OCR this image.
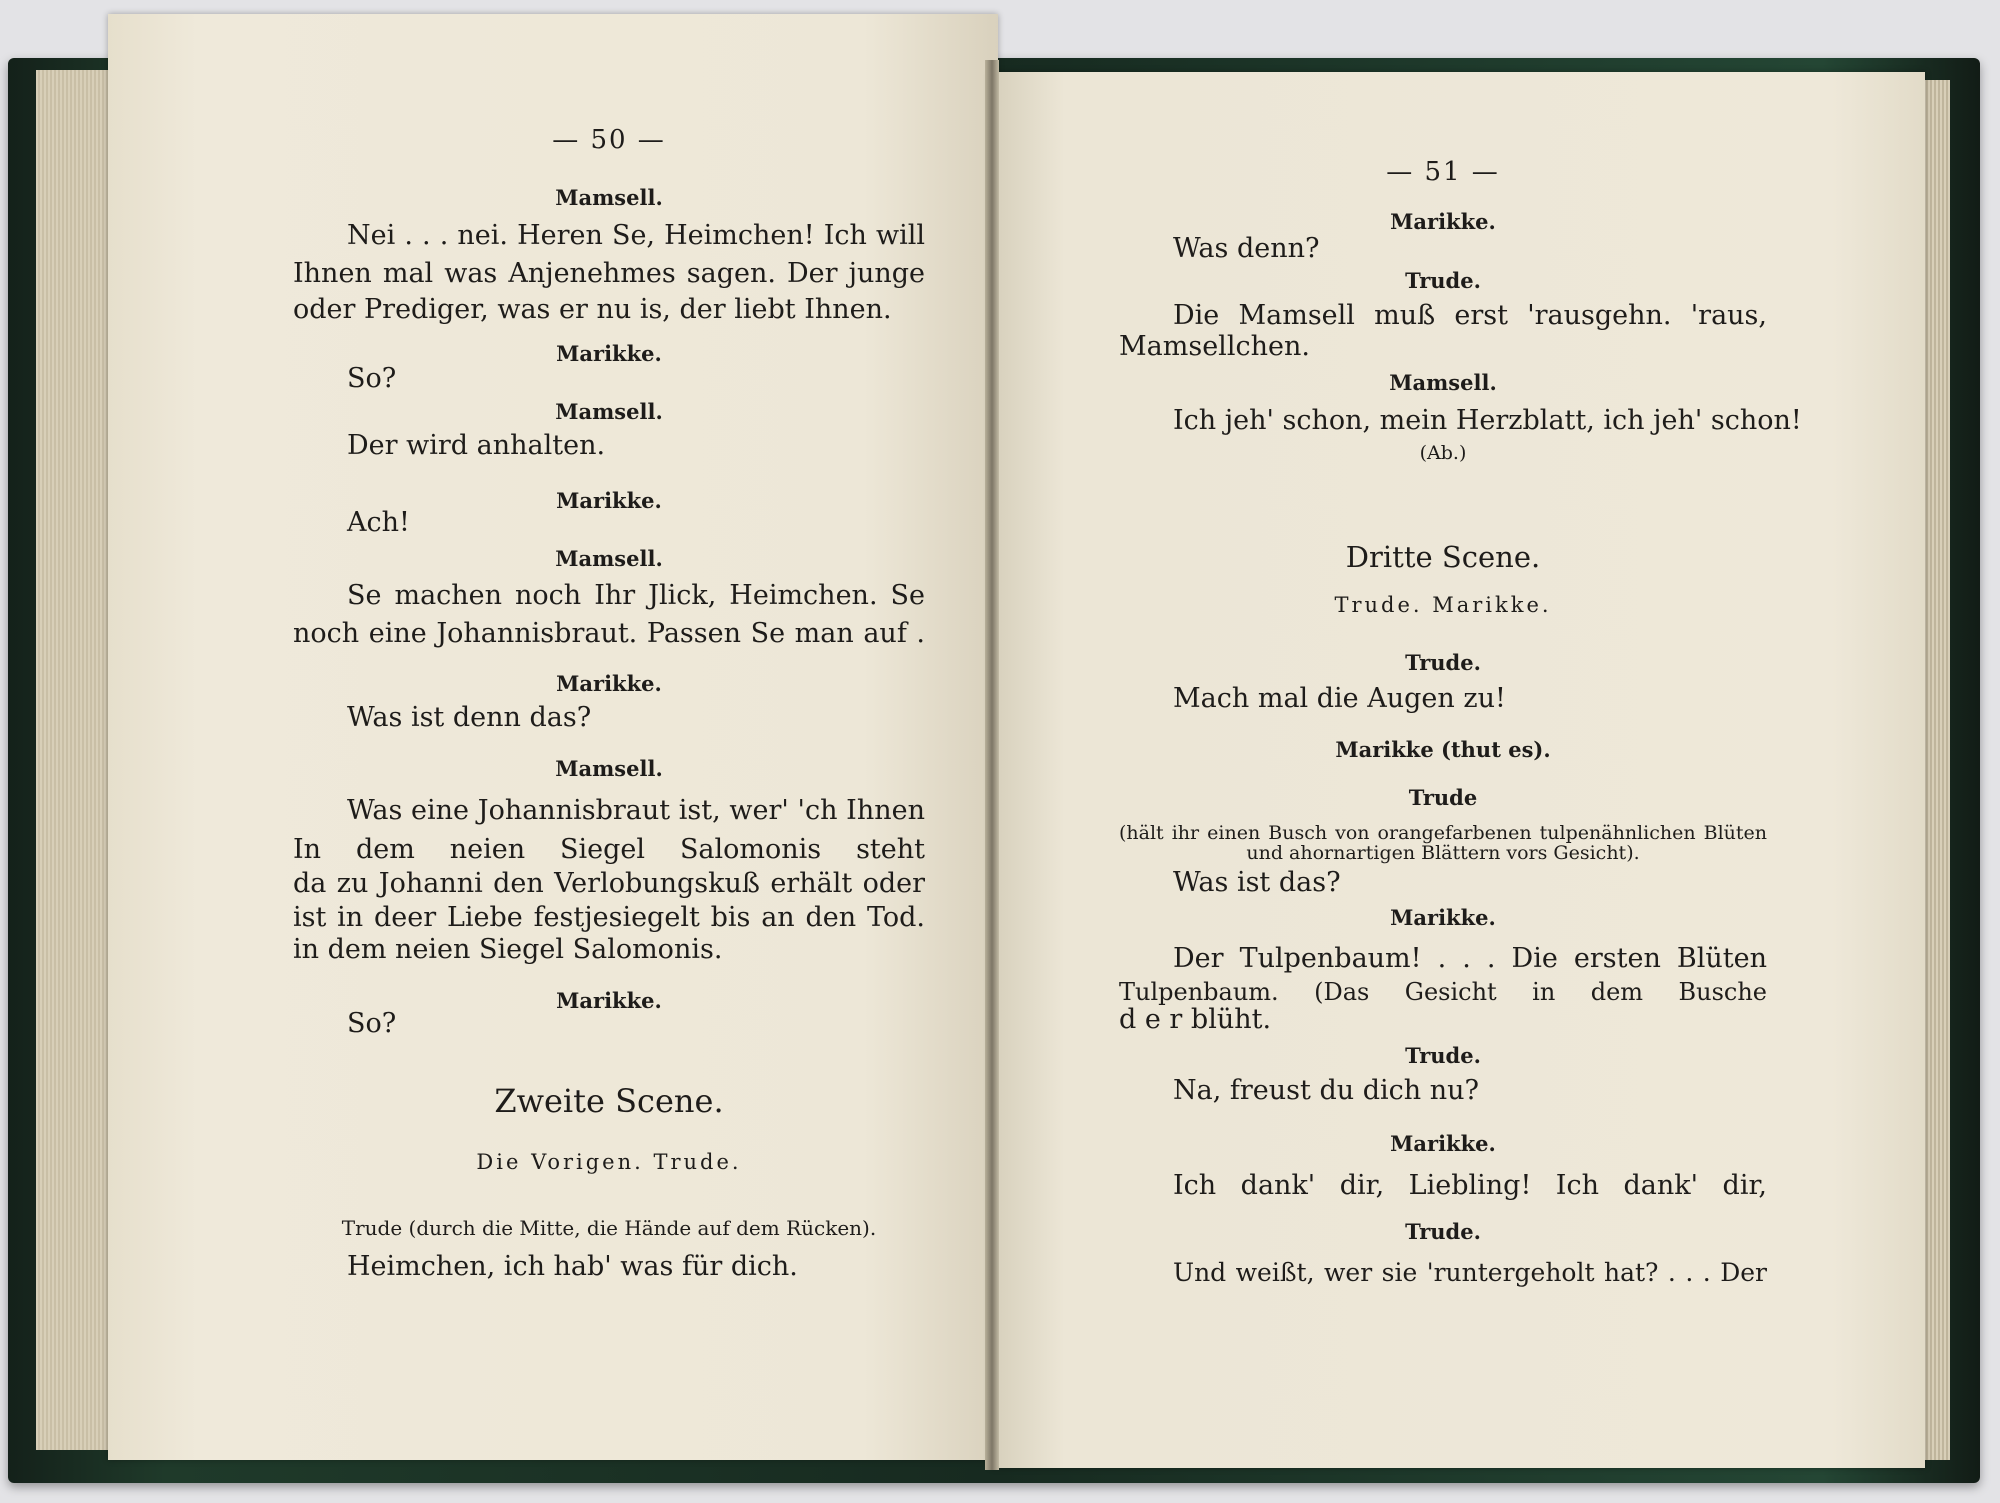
— 50 —
Mamsell.
Nei . . . nei. Heren Se, Heimchen! Ich will
Ihnen mal was Anjenehmes sagen. Der junge
oder Prediger, was er nu is, der liebt Ihnen.
Marikke.
So?
Mamsell.
Der wird anhalten.
Marikke.
Ach!
Mamsell.
Se machen noch Ihr Jlick, Heimchen. Se
noch eine Johannisbraut. Passen Se man auf .
Marikke.
Was ist denn das?
Mamsell.
Was eine Johannisbraut ist, wer' 'ch Ihnen
In dem neien Siegel Salomonis steht
da zu Johanni den Verlobungskuß erhält oder
ist in deer Liebe festjesiegelt bis an den Tod.
in dem neien Siegel Salomonis.
Marikke.
So?
Zweite Scene.
Die Vorigen. Trude.
Trude (durch die Mitte, die Hände auf dem Rücken).
Heimchen, ich hab' was für dich.
— 51 —
Marikke.
Was denn?
Trude.
Die Mamsell muß erst 'rausgehn. 'raus,
Mamsellchen.
Mamsell.
Ich jeh' schon, mein Herzblatt, ich jeh' schon!
(Ab.)
Dritte Scene.
Trude. Marikke.
Trude.
Mach mal die Augen zu!
Marikke (thut es).
Trude
(hält ihr einen Busch von orangefarbenen tulpenähnlichen Blüten
und ahornartigen Blättern vors Gesicht).
Was ist das?
Marikke.
Der Tulpenbaum! . . . Die ersten Blüten
Tulpenbaum. (Das Gesicht in dem Busche
d e r blüht.
Trude.
Na, freust du dich nu?
Marikke.
Ich dank' dir, Liebling! Ich dank' dir,
Trude.
Und weißt, wer sie 'runtergeholt hat? . . . Der
